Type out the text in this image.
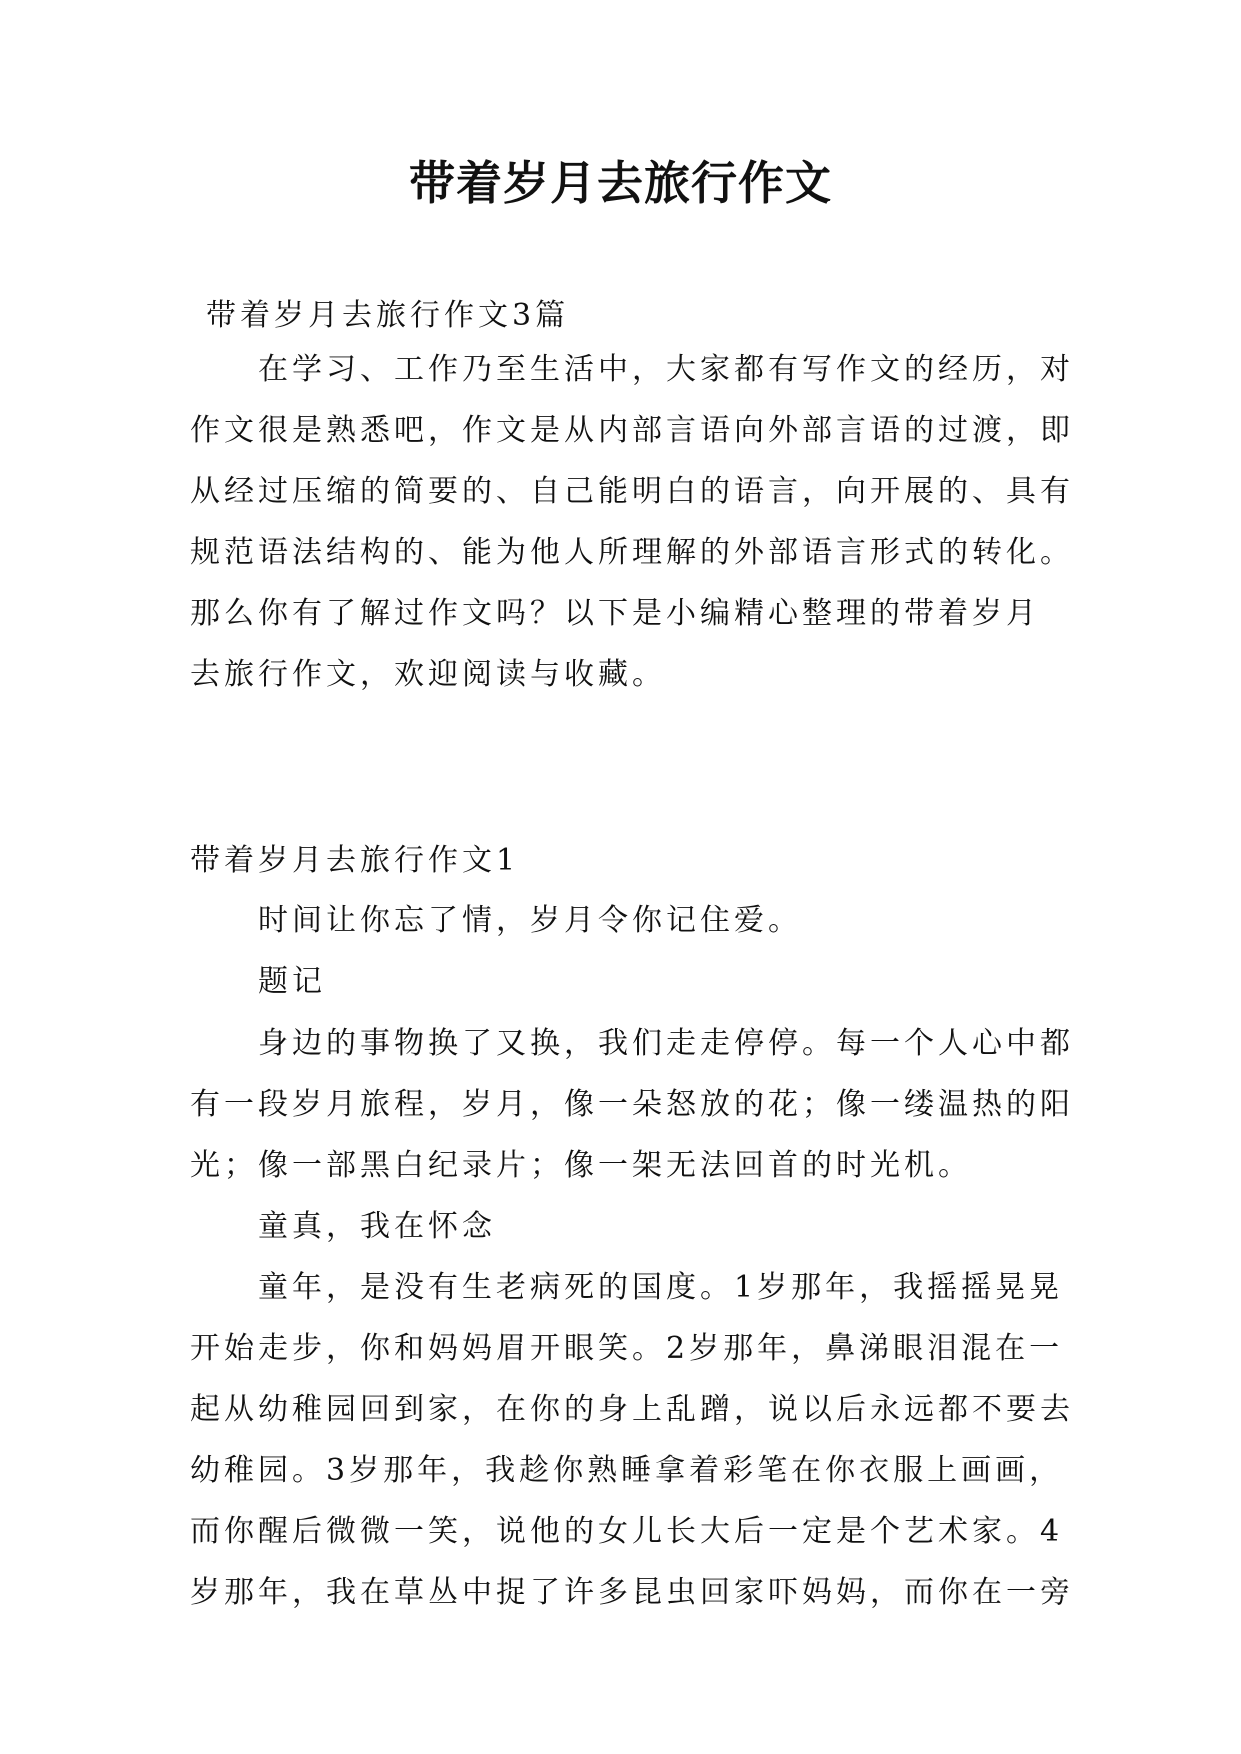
带着岁月去旅行作文

带着岁月去旅行作文3篇

在学习、工作乃至生活中，大家都有写作文的经历，对

作文很是熟悉吧，作文是从内部言语向外部言语的过渡，即

从经过压缩的简要的、自己能明白的语言，向开展的、具有

规范语法结构的、能为他人所理解的外部语言形式的转化。

那么你有了解过作文吗？以下是小编精心整理的带着岁月

去旅行作文，欢迎阅读与收藏。

带着岁月去旅行作文1

时间让你忘了情，岁月令你记住爱。

题记

身边的事物换了又换，我们走走停停。每一个人心中都

有一段岁月旅程，岁月，像一朵怒放的花；像一缕温热的阳

光；像一部黑白纪录片；像一架无法回首的时光机。

童真，我在怀念

童年，是没有生老病死的国度。1岁那年，我摇摇晃晃

开始走步，你和妈妈眉开眼笑。2岁那年，鼻涕眼泪混在一

起从幼稚园回到家，在你的身上乱蹭，说以后永远都不要去

幼稚园。3岁那年，我趁你熟睡拿着彩笔在你衣服上画画，

而你醒后微微一笑，说他的女儿长大后一定是个艺术家。4

岁那年，我在草丛中捉了许多昆虫回家吓妈妈，而你在一旁
